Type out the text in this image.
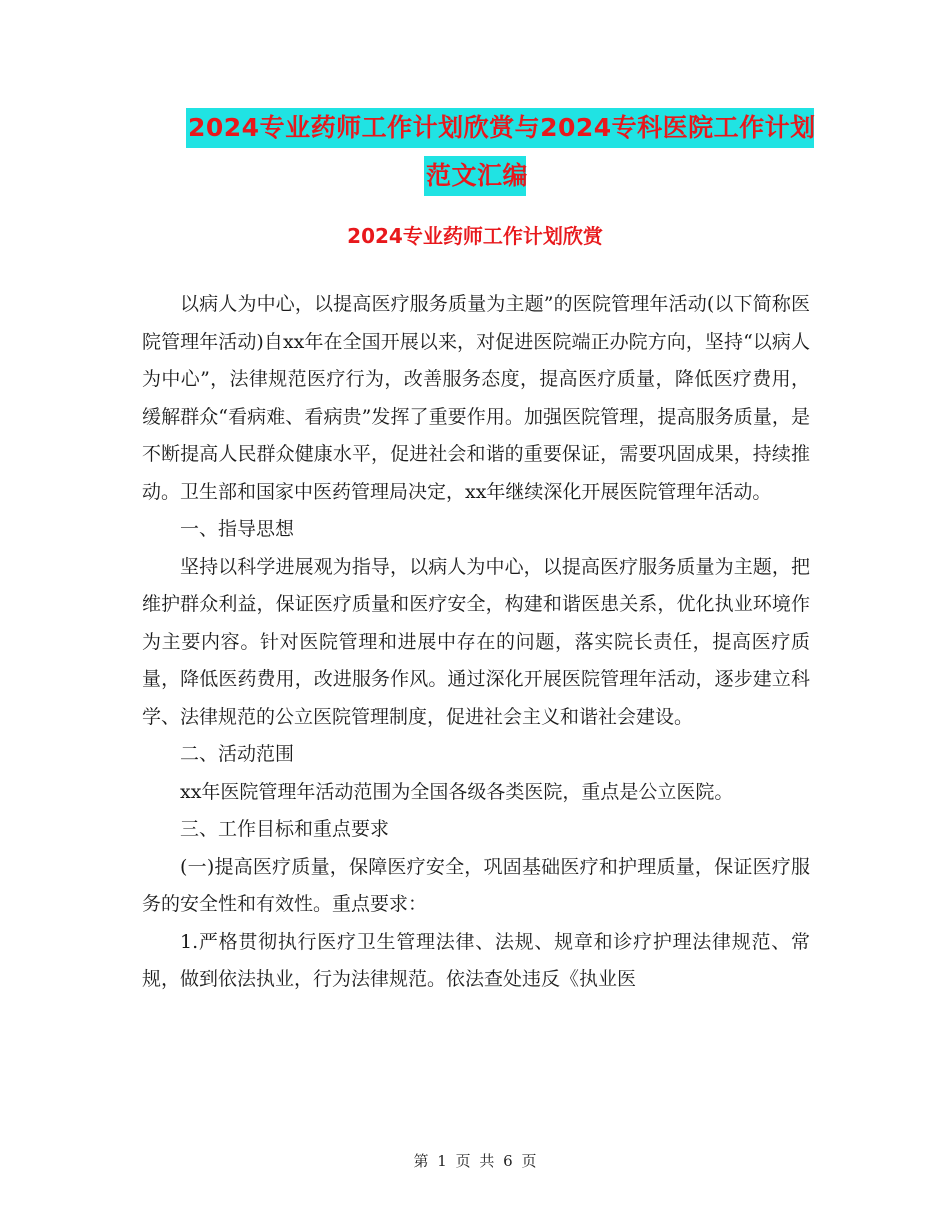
2024专业药师工作计划欣赏与2024专科医院工作计划
范文汇编
2024专业药师工作计划欣赏

以病人为中心，以提高医疗服务质量为主题”的医院管理年活动(以下简称医院管理年活动)自xx年在全国开展以来，对促进医院端正办院方向，坚持“以病人为中心”，法律规范医疗行为，改善服务态度，提高医疗质量，降低医疗费用，缓解群众“看病难、看病贵”发挥了重要作用。加强医院管理，提高服务质量，是不断提高人民群众健康水平，促进社会和谐的重要保证，需要巩固成果，持续推动。卫生部和国家中医药管理局决定，xx年继续深化开展医院管理年活动。

一、指导思想

坚持以科学进展观为指导，以病人为中心，以提高医疗服务质量为主题，把维护群众利益，保证医疗质量和医疗安全，构建和谐医患关系，优化执业环境作为主要内容。针对医院管理和进展中存在的问题，落实院长责任，提高医疗质量，降低医药费用，改进服务作风。通过深化开展医院管理年活动，逐步建立科学、法律规范的公立医院管理制度，促进社会主义和谐社会建设。

二、活动范围

xx年医院管理年活动范围为全国各级各类医院，重点是公立医院。

三、工作目标和重点要求

(一)提高医疗质量，保障医疗安全，巩固基础医疗和护理质量，保证医疗服务的安全性和有效性。重点要求：

1.严格贯彻执行医疗卫生管理法律、法规、规章和诊疗护理法律规范、常规，做到依法执业，行为法律规范。依法查处违反《执业医

第 1 页 共 6 页
